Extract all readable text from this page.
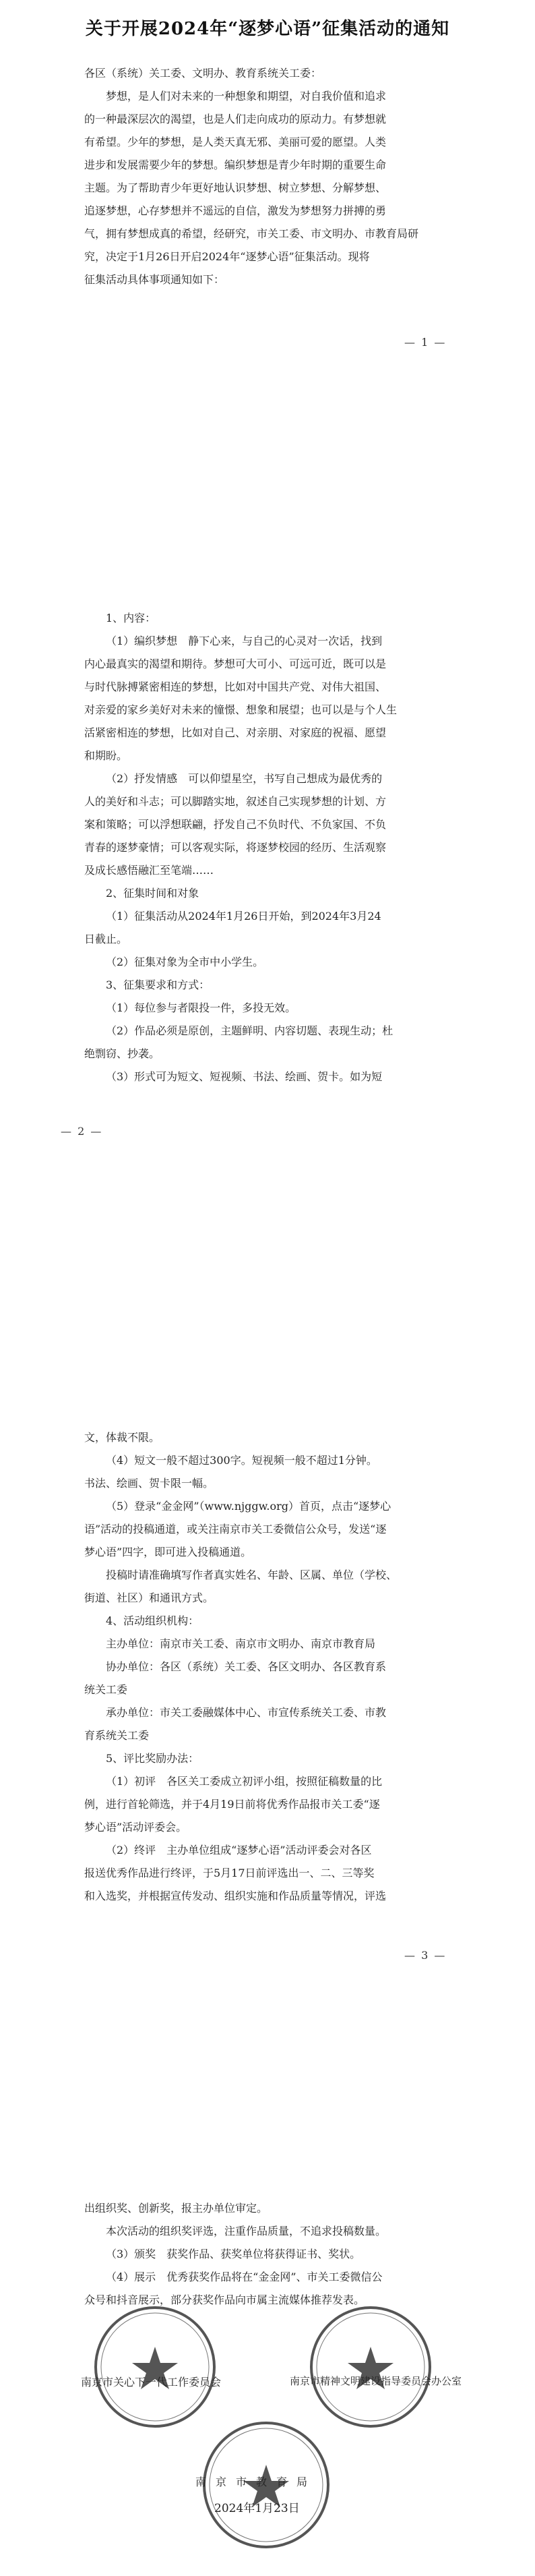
关于开展2024年“逐梦心语”征集活动的通知
各区（系统）关工委、文明办、教育系统关工委：
梦想，是人们对未来的一种想象和期望，对自我价值和追求
的一种最深层次的渴望，也是人们走向成功的原动力。有梦想就
有希望。少年的梦想，是人类天真无邪、美丽可爱的愿望。人类
进步和发展需要少年的梦想。编织梦想是青少年时期的重要生命
主题。为了帮助青少年更好地认识梦想、树立梦想、分解梦想、
追逐梦想，心存梦想并不遥远的自信，激发为梦想努力拼搏的勇
气，拥有梦想成真的希望，经研究，市关工委、市文明办、市教育局研
究，决定于1月26日开启2024年“逐梦心语”征集活动。现将
征集活动具体事项通知如下：
— 1 —
1、内容：
（1）编织梦想　静下心来，与自己的心灵对一次话，找到
内心最真实的渴望和期待。梦想可大可小、可远可近，既可以是
与时代脉搏紧密相连的梦想，比如对中国共产党、对伟大祖国、
对亲爱的家乡美好对未来的憧憬、想象和展望；也可以是与个人生
活紧密相连的梦想，比如对自己、对亲朋、对家庭的祝福、愿望
和期盼。
（2）抒发情感　可以仰望星空，书写自己想成为最优秀的
人的美好和斗志；可以脚踏实地，叙述自己实现梦想的计划、方
案和策略；可以浮想联翩，抒发自己不负时代、不负家国、不负
青春的逐梦豪情；可以客观实际，将逐梦校园的经历、生活观察
及成长感悟融汇至笔端……
2、征集时间和对象
（1）征集活动从2024年1月26日开始，到2024年3月24
日截止。
（2）征集对象为全市中小学生。
3、征集要求和方式：
（1）每位参与者限投一件，多投无效。
（2）作品必须是原创，主题鲜明、内容切题、表现生动；杜
绝剽窃、抄袭。
（3）形式可为短文、短视频、书法、绘画、贺卡。如为短
— 2 —
文，体裁不限。
（4）短文一般不超过300字。短视频一般不超过1分钟。
书法、绘画、贺卡限一幅。
（5）登录“金金网”（www.njggw.org）首页，点击“逐梦心
语”活动的投稿通道，或关注南京市关工委微信公众号，发送“逐
梦心语”四字，即可进入投稿通道。
投稿时请准确填写作者真实姓名、年龄、区属、单位（学校、
街道、社区）和通讯方式。
4、活动组织机构：
主办单位：南京市关工委、南京市文明办、南京市教育局
协办单位：各区（系统）关工委、各区文明办、各区教育系
统关工委
承办单位：市关工委融媒体中心、市宣传系统关工委、市教
育系统关工委
5、评比奖励办法：
（1）初评　各区关工委成立初评小组，按照征稿数量的比
例，进行首轮筛选，并于4月19日前将优秀作品报市关工委“逐
梦心语”活动评委会。
（2）终评　主办单位组成“逐梦心语”活动评委会对各区
报送优秀作品进行终评，于5月17日前评选出一、二、三等奖
和入选奖，并根据宣传发动、组织实施和作品质量等情况，评选
— 3 —
出组织奖、创新奖，报主办单位审定。
本次活动的组织奖评选，注重作品质量，不追求投稿数量。
（3）颁奖　获奖作品、获奖单位将获得证书、奖状。
（4）展示　优秀获奖作品将在“金金网”、市关工委微信公
众号和抖音展示，部分获奖作品向市属主流媒体推荐发表。
南京市关心下一代工作委员会	南京市精神文明建设指导委员会办公室
南京市教育局
2024年1月23日
